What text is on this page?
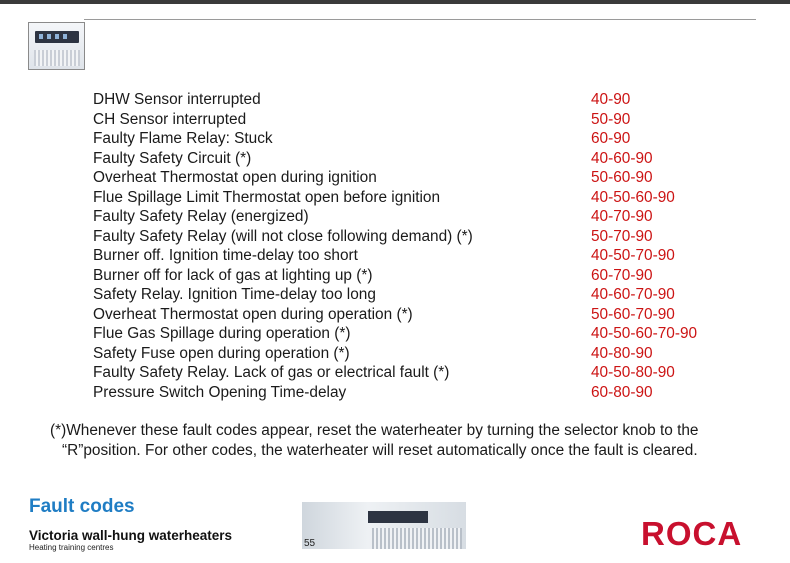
DHW Sensor interrupted	40-90
CH Sensor interrupted	50-90
Faulty Flame Relay: Stuck	60-90
Faulty Safety Circuit (*)	40-60-90
Overheat Thermostat open during ignition	50-60-90
Flue Spillage Limit Thermostat open before ignition	40-50-60-90
Faulty Safety Relay (energized)	40-70-90
Faulty Safety Relay (will not close following demand) (*)	50-70-90
Burner off. Ignition time-delay too short	40-50-70-90
Burner off for lack of gas at lighting up (*)	60-70-90
Safety Relay. Ignition Time-delay too long	40-60-70-90
Overheat Thermostat open during operation (*)	50-60-70-90
Flue Gas Spillage during operation (*)	40-50-60-70-90
Safety Fuse open during operation (*)	40-80-90
Faulty Safety Relay. Lack of gas or electrical fault (*)	40-50-80-90
Pressure Switch Opening Time-delay	60-80-90
(*)Whenever these fault codes appear, reset the waterheater by turning the selector knob to the
“R”position. For other codes, the waterheater will reset automatically once the fault is cleared.
Fault codes
Victoria wall-hung waterheaters
Heating training centres	55	ROCA
